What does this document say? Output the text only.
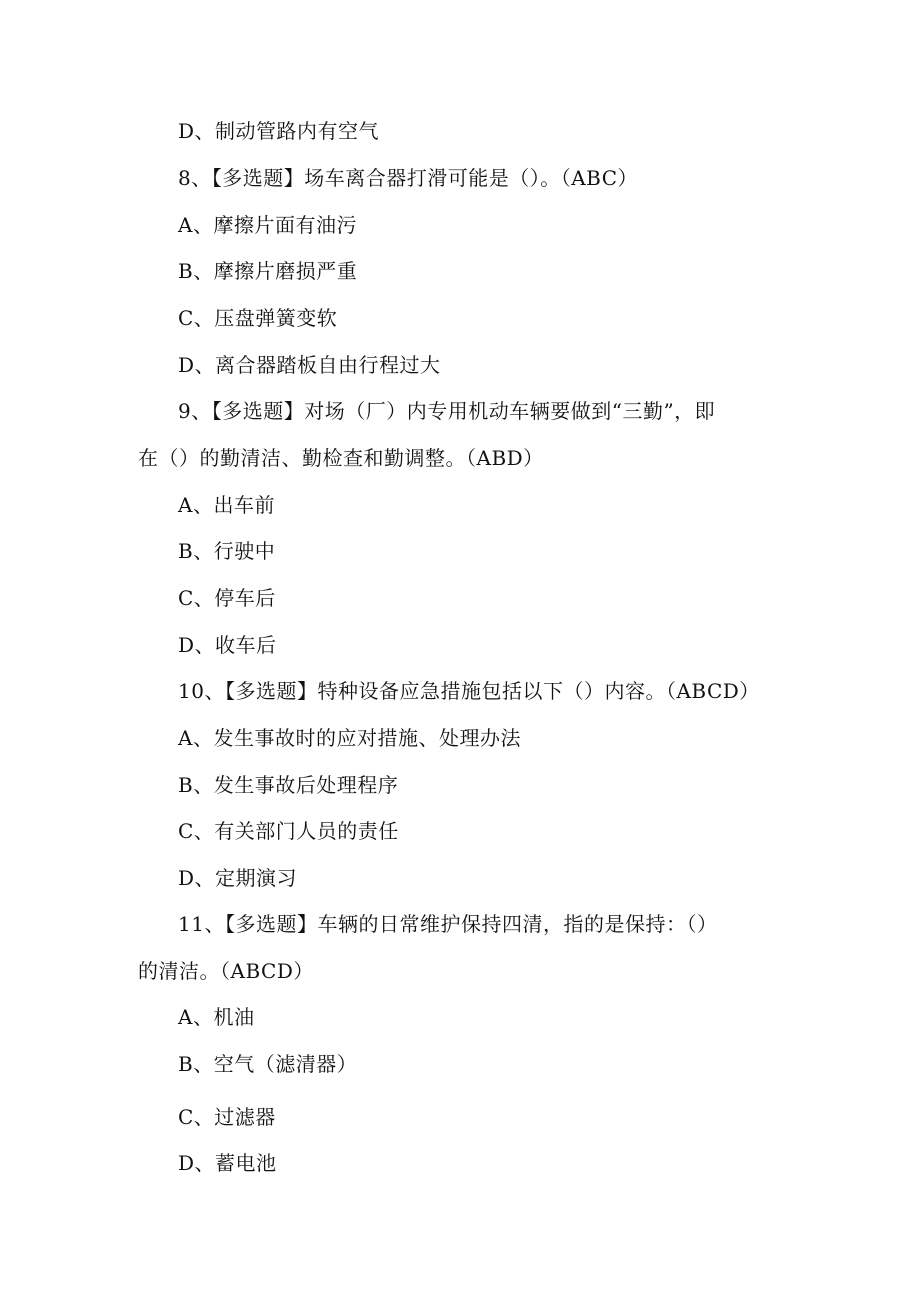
D、制动管路内有空气
8、【多选题】场车离合器打滑可能是（）。（ABC）
A、摩擦片面有油污
B、摩擦片磨损严重
C、压盘弹簧变软
D、离合器踏板自由行程过大
9、【多选题】对场（厂）内专用机动车辆要做到“三勤”，即
在（）的勤清洁、勤检查和勤调整。（ABD）
A、出车前
B、行驶中
C、停车后
D、收车后
10、【多选题】特种设备应急措施包括以下（）内容。（ABCD）
A、发生事故时的应对措施、处理办法
B、发生事故后处理程序
C、有关部门人员的责任
D、定期演习
11、【多选题】车辆的日常维护保持四清，指的是保持：（）
的清洁。（ABCD）
A、机油
B、空气（滤清器）
C、过滤器
D、蓄电池
